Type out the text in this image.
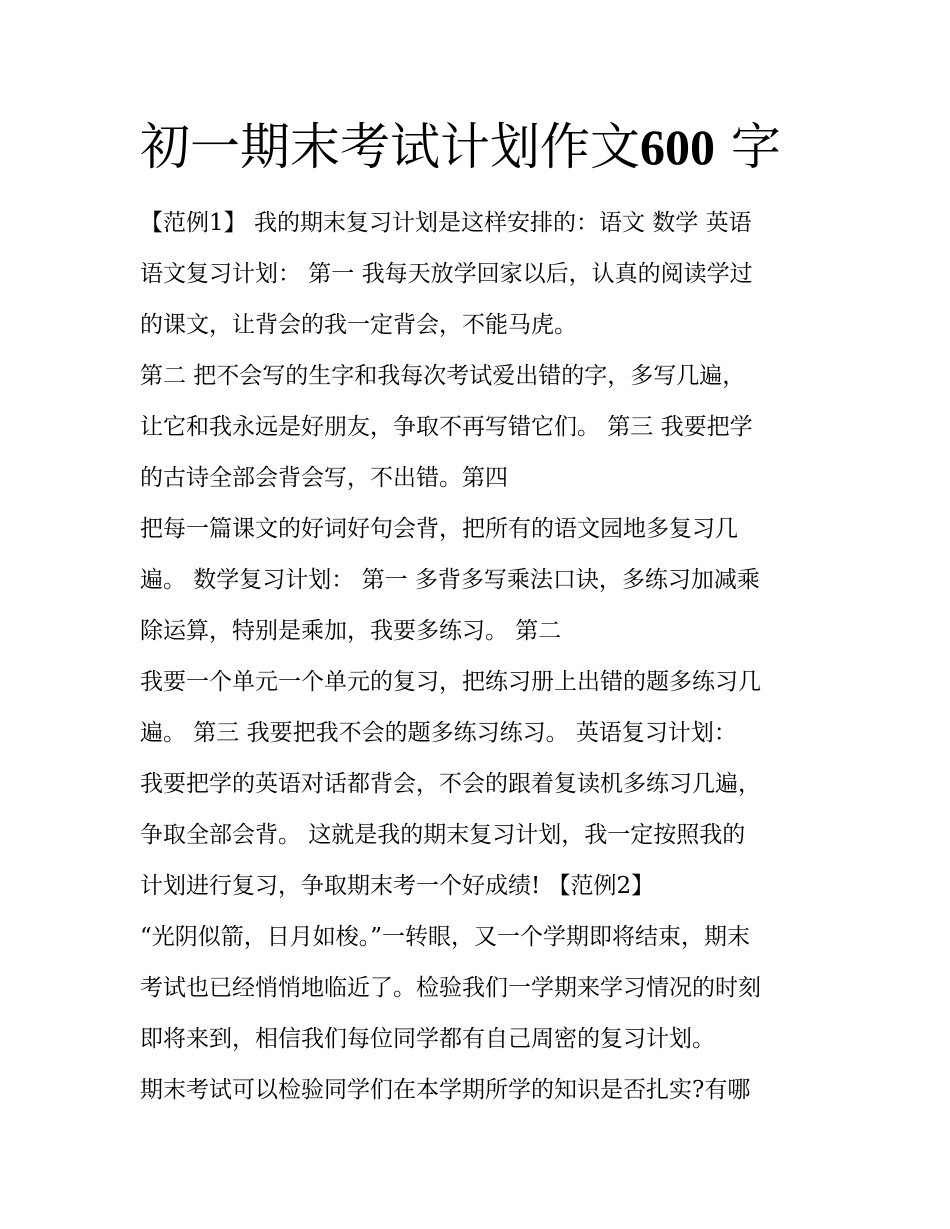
初一期末考试计划作文600 字
【范例1】 我的期末复习计划是这样安排的：语文 数学 英语
语文复习计划： 第一 我每天放学回家以后，认真的阅读学过
的课文，让背会的我一定背会，不能马虎。
第二 把不会写的生字和我每次考试爱出错的字，多写几遍，
让它和我永远是好朋友，争取不再写错它们。 第三 我要把学
的古诗全部会背会写，不出错。第四
把每一篇课文的好词好句会背，把所有的语文园地多复习几
遍。 数学复习计划： 第一 多背多写乘法口诀，多练习加减乘
除运算，特别是乘加，我要多练习。 第二
我要一个单元一个单元的复习，把练习册上出错的题多练习几
遍。 第三 我要把我不会的题多练习练习。 英语复习计划：
我要把学的英语对话都背会，不会的跟着复读机多练习几遍，
争取全部会背。 这就是我的期末复习计划，我一定按照我的
计划进行复习，争取期末考一个好成绩! 【范例2】
“光阴似箭，日月如梭。”一转眼，又一个学期即将结束，期末
考试也已经悄悄地临近了。检验我们一学期来学习情况的时刻
即将来到，相信我们每位同学都有自己周密的复习计划。
期末考试可以检验同学们在本学期所学的知识是否扎实?有哪
